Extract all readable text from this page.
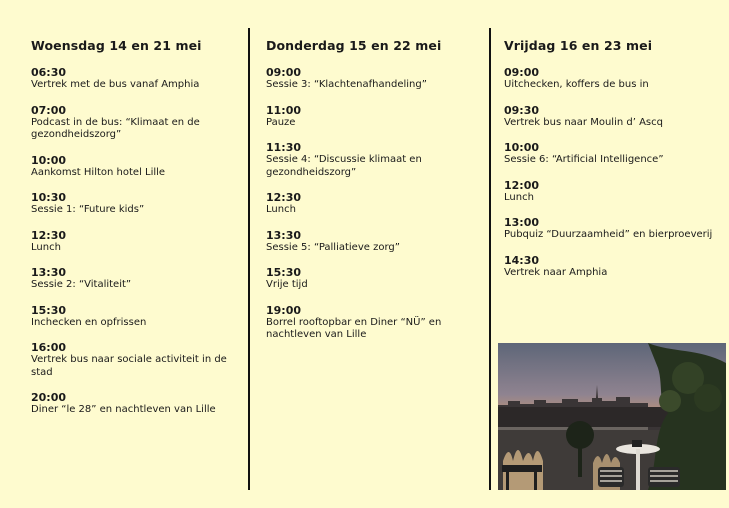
Woensdag 14 en 21 mei
06:30
Vertrek met de bus vanaf Amphia
07:00
Podcast in de bus: “Klimaat en de gezondheidszorg”
10:00
Aankomst Hilton hotel Lille
10:30
Sessie 1: “Future kids”
12:30
Lunch
13:30
Sessie 2: “Vitaliteit”
15:30
Inchecken en opfrissen
16:00
Vertrek bus naar sociale activiteit in de stad
20:00
Diner “le 28” en nachtleven van Lille
Donderdag 15 en 22 mei
09:00
Sessie 3: “Klachtenafhandeling”
11:00
Pauze
11:30
Sessie 4: “Discussie klimaat en gezondheidszorg”
12:30
Lunch
13:30
Sessie 5: “Palliatieve zorg”
15:30
Vrije tijd
19:00
Borrel rooftopbar en Diner “NÜ” en nachtleven van Lille
Vrijdag 16 en 23 mei
09:00
Uitchecken, koffers de bus in
09:30
Vertrek bus naar Moulin d’ Ascq
10:00
Sessie 6: “Artificial Intelligence”
12:00
Lunch
13:00
Pubquiz “Duurzaamheid” en bierproeverij
14:30
Vertrek naar Amphia
